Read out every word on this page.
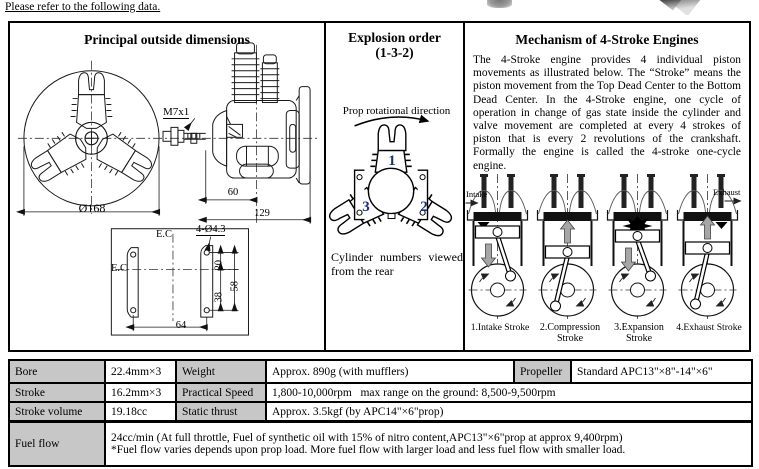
Please refer to the following data.
Principal outside dimensions
M7x1
Ø168
60
129
E.C
E.C
4-Ø4.3
20
38
58
64
Explosion order
(1-3-2)
Prop rotational direction
1
3	2
Cylinder numbers viewed from the rear
Mechanism of 4-Stroke Engines
The 4-Stroke engine provides 4 individual piston movements as illustrated below. The “Stroke” means the piston movement from the Top Dead Center to the Bottom Dead Center. In the 4-Stroke engine, one cycle of operation in change of gas state inside the cylinder and valve movement are completed at every 4 strokes of piston that is every 2 revolutions of the crankshaft. Formally the engine is called the 4-stroke one-cycle engine.
Intake	Exhaust
1.Intake Stroke	2.Compression Stroke
3.Expansion Stroke
4.Exhaust Stroke
Bore	22.4mm×3	Weight	Approx. 890g (with mufflers)	Propeller	Standard APC13"×8"-14"×6"
Stroke	16.2mm×3	Practical Speed	1,800-10,000rpm   max range on the ground: 8,500-9,500rpm		
Stroke volume	19.18cc	Static thrust	Approx. 3.5kgf (by APC14"×6"prop)		
Fuel flow	24cc/min (At full throttle, Fuel of synthetic oil with 15% of nitro content,APC13"×6"prop at approx 9,400rpm)
*Fuel flow varies depends upon prop load. More fuel flow with larger load and less fuel flow with smaller load.
